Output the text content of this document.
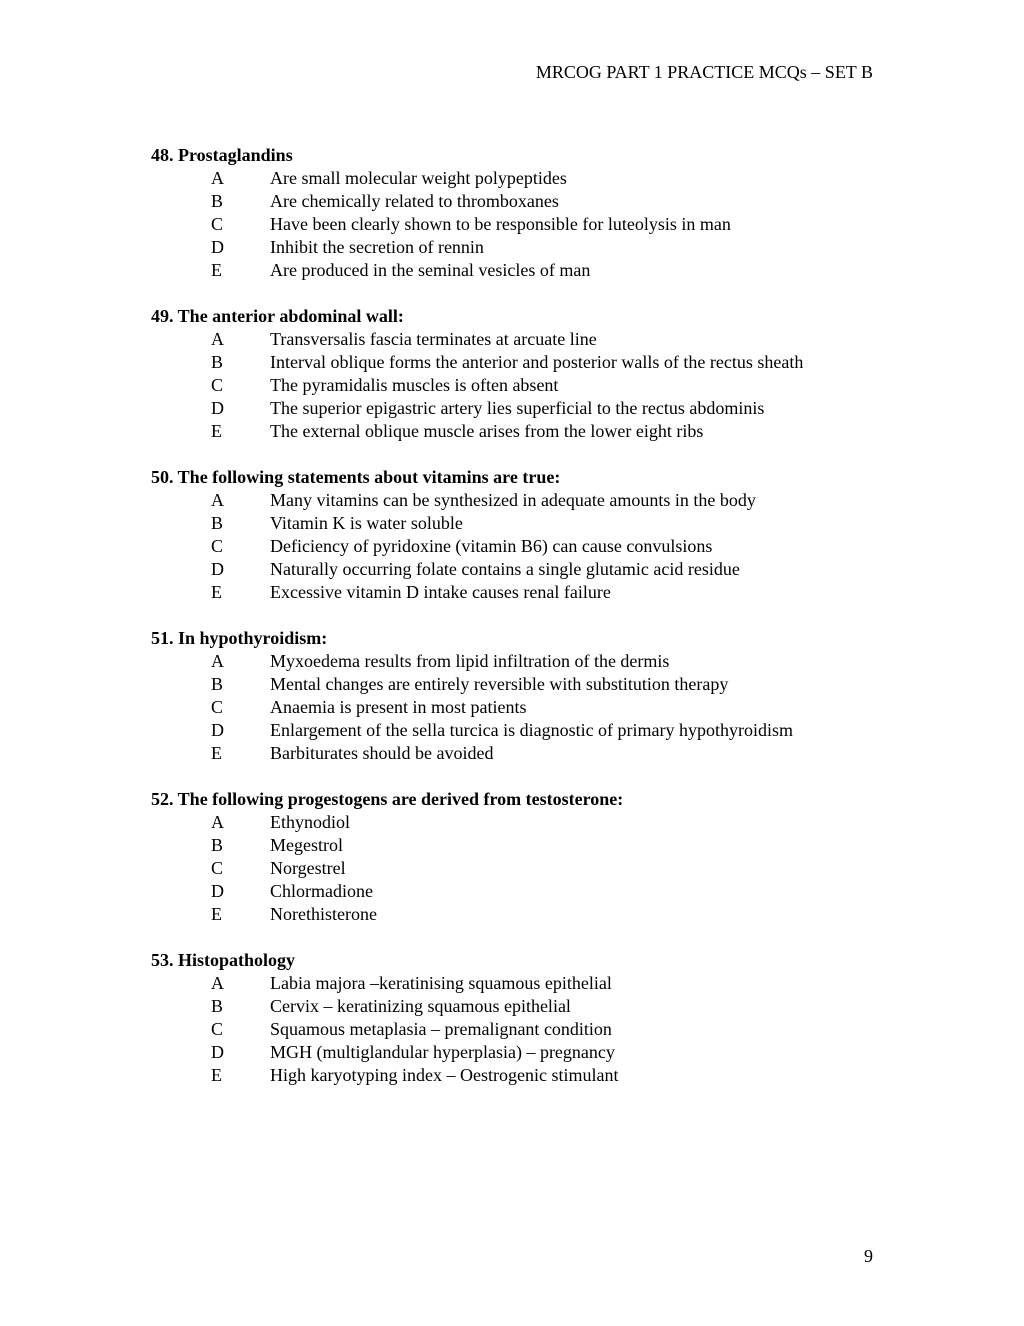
MRCOG PART 1 PRACTICE MCQs – SET B
48. Prostaglandins
A	Are small molecular weight polypeptides
B	Are chemically related to thromboxanes
C	Have been clearly shown to be responsible for luteolysis in man
D	Inhibit the secretion of rennin
E	Are produced in the seminal vesicles of man
49. The anterior abdominal wall:
A	Transversalis fascia terminates at arcuate line
B	Interval oblique forms the anterior and posterior walls of the rectus sheath
C	The pyramidalis muscles is often absent
D	The superior epigastric artery lies superficial to the rectus abdominis
E	The external oblique muscle arises from the lower eight ribs
50. The following statements about vitamins are true:
A	Many vitamins can be synthesized in adequate amounts in the body
B	Vitamin K is water soluble
C	Deficiency of pyridoxine (vitamin B6) can cause convulsions
D	Naturally occurring folate contains a single glutamic acid residue
E	Excessive vitamin D intake causes renal failure
51. In hypothyroidism:
A	Myxoedema results from lipid infiltration of the dermis
B	Mental changes are entirely reversible with substitution therapy
C	Anaemia is present in most patients
D	Enlargement of the sella turcica is diagnostic of primary hypothyroidism
E	Barbiturates should be avoided
52. The following progestogens are derived from testosterone:
A	Ethynodiol
B	Megestrol
C	Norgestrel
D	Chlormadione
E	Norethisterone
53. Histopathology
A	Labia majora –keratinising squamous epithelial
B	Cervix – keratinizing squamous epithelial
C	Squamous metaplasia – premalignant condition
D	MGH (multiglandular hyperplasia) – pregnancy
E	High karyotyping index – Oestrogenic stimulant
9
